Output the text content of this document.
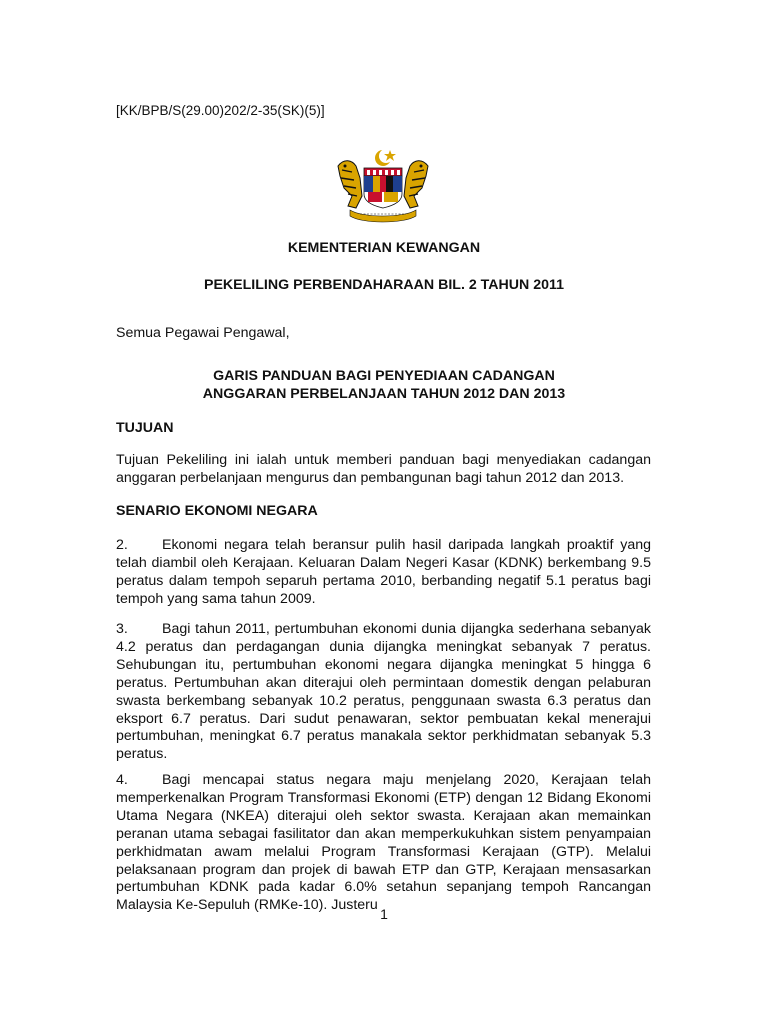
[KK/BPB/S(29.00)202/2-35(SK)(5)]
KEMENTERIAN KEWANGAN
PEKELILING PERBENDAHARAAN BIL. 2 TAHUN 2011
Semua Pegawai Pengawal,
GARIS PANDUAN BAGI PENYEDIAAN CADANGAN
ANGGARAN PERBELANJAAN TAHUN 2012 DAN 2013
TUJUAN

Tujuan Pekeliling ini ialah untuk memberi panduan bagi menyediakan cadangan anggaran perbelanjaan mengurus dan pembangunan bagi tahun 2012 dan 2013.

SENARIO EKONOMI NEGARA

2. Ekonomi negara telah beransur pulih hasil daripada langkah proaktif yang telah diambil oleh Kerajaan. Keluaran Dalam Negeri Kasar (KDNK) berkembang 9.5 peratus dalam tempoh separuh pertama 2010, berbanding negatif 5.1 peratus bagi tempoh yang sama tahun 2009.

3. Bagi tahun 2011, pertumbuhan ekonomi dunia dijangka sederhana sebanyak 4.2 peratus dan perdagangan dunia dijangka meningkat sebanyak 7 peratus. Sehubungan itu, pertumbuhan ekonomi negara dijangka meningkat 5 hingga 6 peratus. Pertumbuhan akan diterajui oleh permintaan domestik dengan pelaburan swasta berkembang sebanyak 10.2 peratus, penggunaan swasta 6.3 peratus dan eksport 6.7 peratus. Dari sudut penawaran, sektor pembuatan kekal menerajui pertumbuhan, meningkat 6.7 peratus manakala sektor perkhidmatan sebanyak 5.3 peratus.

4. Bagi mencapai status negara maju menjelang 2020, Kerajaan telah memperkenalkan Program Transformasi Ekonomi (ETP) dengan 12 Bidang Ekonomi Utama Negara (NKEA) diterajui oleh sektor swasta. Kerajaan akan memainkan peranan utama sebagai fasilitator dan akan memperkukuhkan sistem penyampaian perkhidmatan awam melalui Program Transformasi Kerajaan (GTP). Melalui pelaksanaan program dan projek di bawah ETP dan GTP, Kerajaan mensasarkan pertumbuhan KDNK pada kadar 6.0% setahun sepanjang tempoh Rancangan Malaysia Ke-Sepuluh (RMKe-10). Justeru

1
